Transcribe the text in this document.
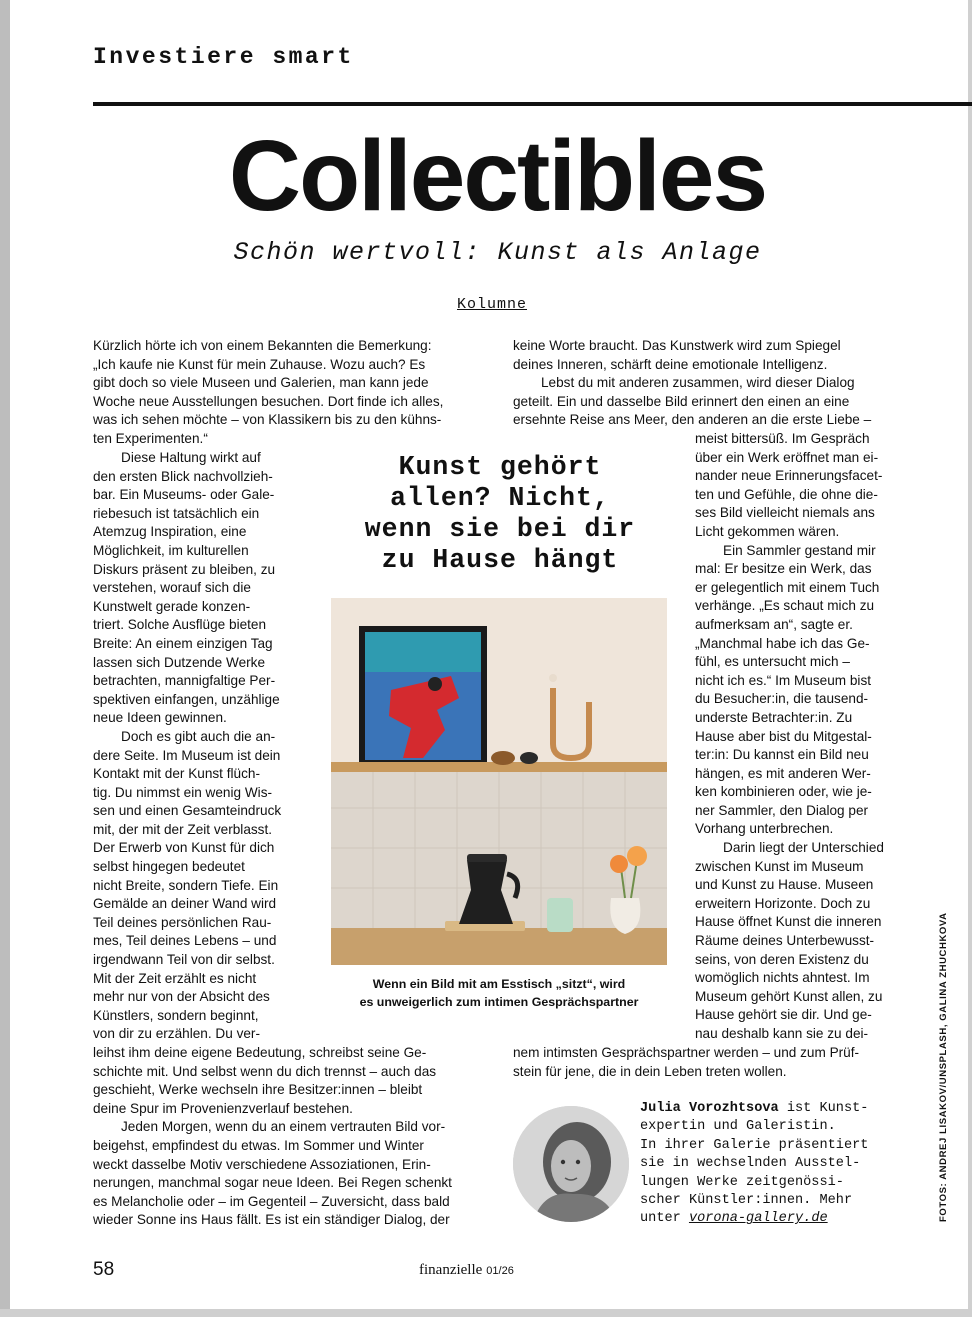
Investiere smart
Collectibles
Schön wertvoll: Kunst als Anlage
Kolumne
Kürzlich hörte ich von einem Bekannten die Bemerkung:
„Ich kaufe nie Kunst für mein Zuhause. Wozu auch? Es
gibt doch so viele Museen und Galerien, man kann jede
Woche neue Ausstellungen besuchen. Dort finde ich alles,
was ich sehen möchte – von Klassikern bis zu den kühns-
ten Experimenten.“
Diese Haltung wirkt auf
den ersten Blick nachvollzieh-
bar. Ein Museums- oder Gale-
riebesuch ist tatsächlich ein
Atemzug Inspiration, eine
Möglichkeit, im kulturellen
Diskurs präsent zu bleiben, zu
verstehen, worauf sich die
Kunstwelt gerade konzen-
triert. Solche Ausflüge bieten
Breite: An einem einzigen Tag
lassen sich Dutzende Werke
betrachten, mannigfaltige Per-
spektiven einfangen, unzählige
neue Ideen gewinnen.
Doch es gibt auch die an-
dere Seite. Im Museum ist dein
Kontakt mit der Kunst flüch-
tig. Du nimmst ein wenig Wis-
sen und einen Gesamteindruck
mit, der mit der Zeit verblasst.
Der Erwerb von Kunst für dich
selbst hingegen bedeutet
nicht Breite, sondern Tiefe. Ein
Gemälde an deiner Wand wird
Teil deines persönlichen Rau-
mes, Teil deines Lebens – und
irgendwann Teil von dir selbst.
Mit der Zeit erzählt es nicht
mehr nur von der Absicht des
Künstlers, sondern beginnt,
von dir zu erzählen. Du ver-
leihst ihm deine eigene Bedeutung, schreibst seine Ge-
schichte mit. Und selbst wenn du dich trennst – auch das
geschieht, Werke wechseln ihre Besitzer:innen – bleibt
deine Spur im Provenienzverlauf bestehen.
Jeden Morgen, wenn du an einem vertrauten Bild vor-
beigehst, empfindest du etwas. Im Sommer und Winter
weckt dasselbe Motiv verschiedene Assoziationen, Erin-
nerungen, manchmal sogar neue Ideen. Bei Regen schenkt
es Melancholie oder – im Gegenteil – Zuversicht, dass bald
wieder Sonne ins Haus fällt. Es ist ein ständiger Dialog, der
keine Worte braucht. Das Kunstwerk wird zum Spiegel
deines Inneren, schärft deine emotionale Intelligenz.
Lebst du mit anderen zusammen, wird dieser Dialog
geteilt. Ein und dasselbe Bild erinnert den einen an eine
ersehnte Reise ans Meer, den anderen an die erste Liebe –
meist bittersüß. Im Gespräch
über ein Werk eröffnet man ei-
nander neue Erinnerungsfacet-
ten und Gefühle, die ohne die-
ses Bild vielleicht niemals ans
Licht gekommen wären.
Ein Sammler gestand mir
mal: Er besitze ein Werk, das
er gelegentlich mit einem Tuch
verhänge. „Es schaut mich zu
aufmerksam an“, sagte er.
„Manchmal habe ich das Ge-
fühl, es untersucht mich –
nicht ich es.“ Im Museum bist
du Besucher:in, die tausend-
underste Betrachter:in. Zu
Hause aber bist du Mitgestal-
ter:in: Du kannst ein Bild neu
hängen, es mit anderen Wer-
ken kombinieren oder, wie je-
ner Sammler, den Dialog per
Vorhang unterbrechen.
Darin liegt der Unterschied
zwischen Kunst im Museum
und Kunst zu Hause. Museen
erweitern Horizonte. Doch zu
Hause öffnet Kunst die inneren
Räume deines Unterbewusst-
seins, von deren Existenz du
womöglich nichts ahntest. Im
Museum gehört Kunst allen, zu
Hause gehört sie dir. Und ge-
nau deshalb kann sie zu dei-
nem intimsten Gesprächspartner werden – und zum Prüf-
stein für jene, die in dein Leben treten wollen.
Kunst gehört
allen? Nicht,
wenn sie bei dir
zu Hause hängt
Wenn ein Bild mit am Esstisch „sitzt“, wird
es unweigerlich zum intimen Gesprächspartner
Julia Vorozhtsova ist Kunst-
expertin und Galeristin.
In ihrer Galerie präsentiert
sie in wechselnden Ausstel-
lungen Werke zeitgenössi-
scher Künstler:innen. Mehr
unter vorona-gallery.de	FOTOS: ANDREJ LISAKOV/UNSPLASH, GALINA ZHUCHKOVA
58	finanzielle 01/26
